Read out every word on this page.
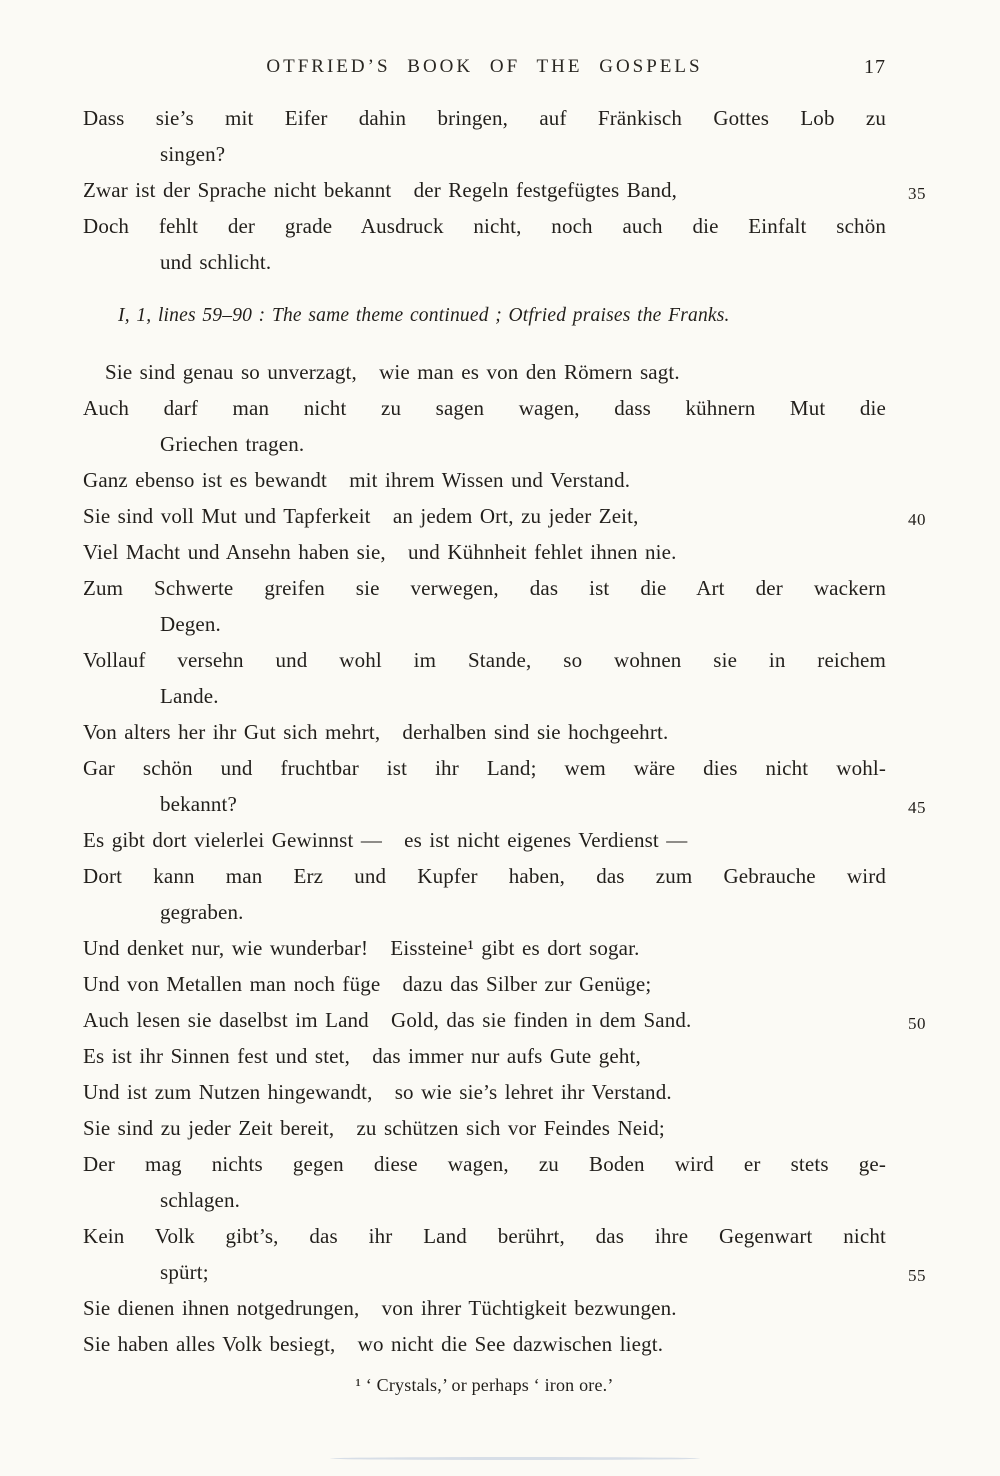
OTFRIED’S BOOK OF THE GOSPELS	17
Dass sie’s mit Eifer dahin bringen, auf Fränkisch Gottes Lob zu
singen?
Zwar ist der Sprache nicht bekannt   der Regeln festgefügtes Band,	35
Doch fehlt der grade Ausdruck nicht, noch auch die Einfalt schön
und schlicht.
I, 1, lines 59–90 : The same theme continued ; Otfried praises the Franks.
Sie sind genau so unverzagt,   wie man es von den Römern sagt.
Auch darf man nicht zu sagen wagen, dass kühnern Mut die
Griechen tragen.
Ganz ebenso ist es bewandt   mit ihrem Wissen und Verstand.
Sie sind voll Mut und Tapferkeit   an jedem Ort, zu jeder Zeit,	40
Viel Macht und Ansehn haben sie,   und Kühnheit fehlet ihnen nie.
Zum Schwerte greifen sie verwegen, das ist die Art der wackern
Degen.
Vollauf versehn und wohl im Stande, so wohnen sie in reichem
Lande.
Von alters her ihr Gut sich mehrt,   derhalben sind sie hochgeehrt.
Gar schön und fruchtbar ist ihr Land; wem wäre dies nicht wohl-
bekannt?	45
Es gibt dort vielerlei Gewinnst —   es ist nicht eigenes Verdienst —
Dort kann man Erz und Kupfer haben, das zum Gebrauche wird
gegraben.
Und denket nur, wie wunderbar!   Eissteine¹ gibt es dort sogar.
Und von Metallen man noch füge   dazu das Silber zur Genüge;
Auch lesen sie daselbst im Land   Gold, das sie finden in dem Sand.	50
Es ist ihr Sinnen fest und stet,   das immer nur aufs Gute geht,
Und ist zum Nutzen hingewandt,   so wie sie’s lehret ihr Verstand.
Sie sind zu jeder Zeit bereit,   zu schützen sich vor Feindes Neid;
Der mag nichts gegen diese wagen, zu Boden wird er stets ge-
schlagen.
Kein Volk gibt’s, das ihr Land berührt, das ihre Gegenwart nicht
spürt;	55
Sie dienen ihnen notgedrungen,   von ihrer Tüchtigkeit bezwungen.
Sie haben alles Volk besiegt,   wo nicht die See dazwischen liegt.
¹ ‘ Crystals,’ or perhaps ‘ iron ore.’
